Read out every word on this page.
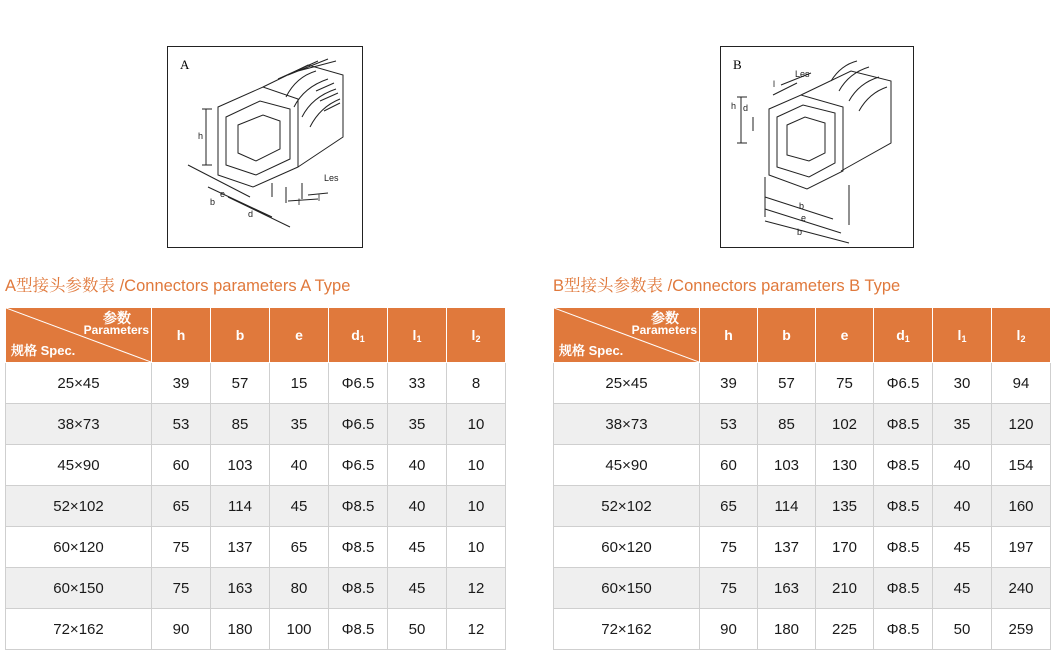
A
h
e
b
d
l l
Les
B
h d
l
Les
b
e
b
A型接头参数表 /Connectors parameters A Type	B型接头参数表 /Connectors parameters B Type
参数
Parameters
规格 Spec.	h	b	e	$d_1$	$l_1$	$l_2$
25×45	39	57	15	Φ6.5	33	8
38×73	53	85	35	Φ6.5	35	10
45×90	60	103	40	Φ6.5	40	10
52×102	65	114	45	Φ8.5	40	10
60×120	75	137	65	Φ8.5	45	10
60×150	75	163	80	Φ8.5	45	12
72×162	90	180	100	Φ8.5	50	12
参数
Parameters
规格 Spec.	h	b	e	$d_1$	$l_1$	$l_2$
25×45	39	57	75	Φ6.5	30	94
38×73	53	85	102	Φ8.5	35	120
45×90	60	103	130	Φ8.5	40	154
52×102	65	114	135	Φ8.5	40	160
60×120	75	137	170	Φ8.5	45	197
60×150	75	163	210	Φ8.5	45	240
72×162	90	180	225	Φ8.5	50	259
